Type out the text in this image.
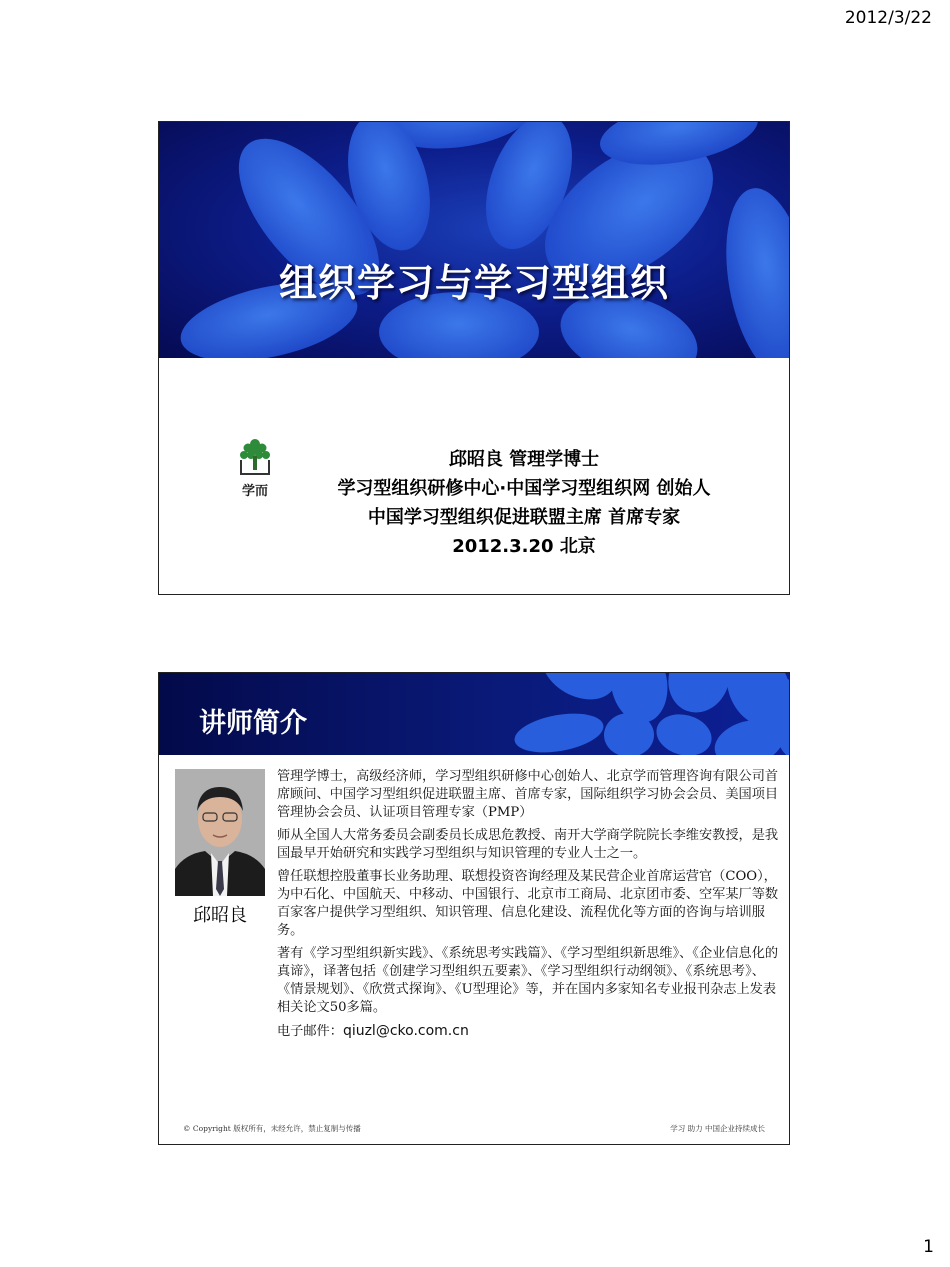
2012/3/22
组织学习与学习型组织
学而
邱昭良 管理学博士
学习型组织研修中心·中国学习型组织网 创始人
中国学习型组织促进联盟主席 首席专家
2012.3.20 北京
讲师简介
邱昭良

管理学博士，高级经济师，学习型组织研修中心创始人、北京学而管理咨询有限公司首席顾问、中国学习型组织促进联盟主席、首席专家，国际组织学习协会会员、美国项目管理协会会员、认证项目管理专家（PMP）

师从全国人大常务委员会副委员长成思危教授、南开大学商学院院长李维安教授，是我国最早开始研究和实践学习型组织与知识管理的专业人士之一。

曾任联想控股董事长业务助理、联想投资咨询经理及某民营企业首席运营官（COO），为中石化、中国航天、中移动、中国银行、北京市工商局、北京团市委、空军某厂等数百家客户提供学习型组织、知识管理、信息化建设、流程优化等方面的咨询与培训服务。

著有《学习型组织新实践》、《系统思考实践篇》、《学习型组织新思维》、《企业信息化的真谛》，译著包括《创建学习型组织五要素》、《学习型组织行动纲领》、《系统思考》、《情景规划》、《欣赏式探询》、《U型理论》等，并在国内多家知名专业报刊杂志上发表相关论文50多篇。

电子邮件：qiuzl@cko.com.cn

© Copyright 版权所有，未经允许，禁止复制与传播	学习 助力 中国企业持续成长
1
